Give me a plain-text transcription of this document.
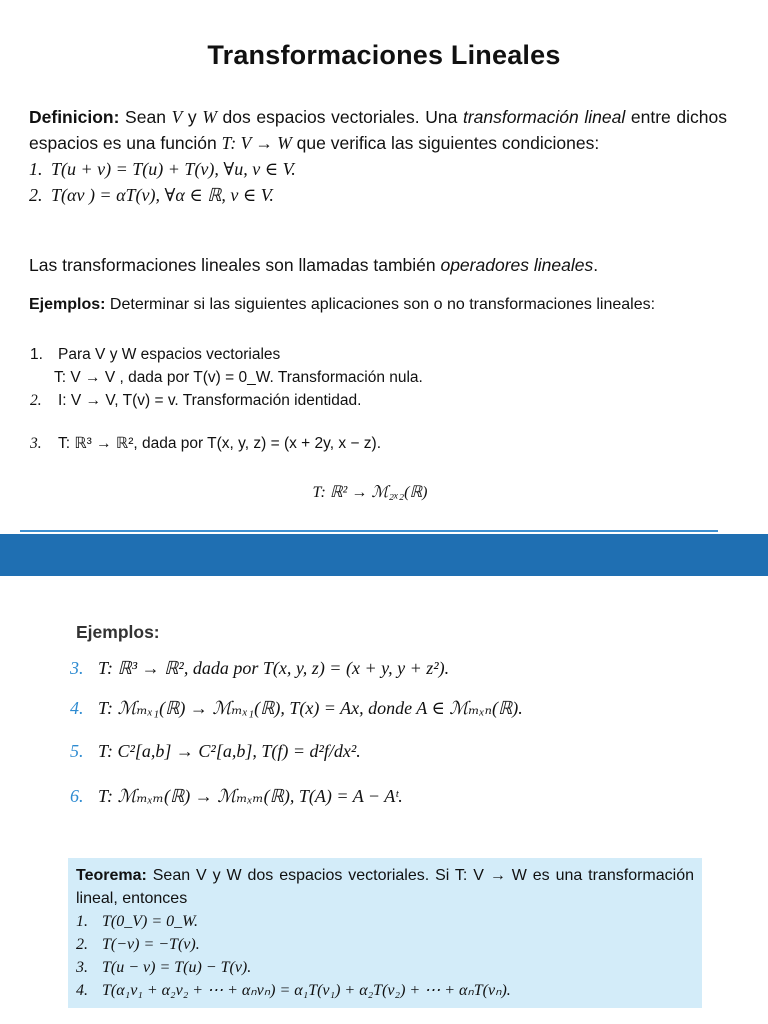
Transformaciones Lineales
Definicion: Sean V y W dos espacios vectoriales. Una transformación lineal entre dichos espacios es una función T: V → W que verifica las siguientes condiciones:
1. T(u + v) = T(u) + T(v), ∀u, v ∈ V.
2. T(αv ) = αT(v), ∀α ∈ ℝ, v ∈ V.
Las transformaciones lineales son llamadas también operadores lineales.
Ejemplos: Determinar si las siguientes aplicaciones son o no transformaciones lineales:
1. Para V y W espacios vectoriales
T: V → V , dada por T(v) = 0_W. Transformación nula.
2. I: V → V, T(v) = v. Transformación identidad.
3. T: ℝ³ → ℝ², dada por T(x, y, z) = (x + 2y, x − z).
T: ℝ² → ℳ₂ₓ₂(ℝ)
Ejemplos:
3. T: ℝ³ → ℝ², dada por T(x, y, z) = (x + y, y + z²).
4. T: ℳₘₓ₁(ℝ) → ℳₘₓ₁(ℝ), T(x) = Ax, donde A ∈ ℳₘₓₙ(ℝ).
5. T: C²[a,b] → C²[a,b], T(f) = d²f/dx².
6. T: ℳₘₓₘ(ℝ) → ℳₘₓₘ(ℝ), T(A) = A − Aᵗ.
Teorema: Sean V y W dos espacios vectoriales. Si T: V → W es una transformación lineal, entonces
1. T(0_V) = 0_W.
2. T(−v) = −T(v).
3. T(u − v) = T(u) − T(v).
4. T(α₁v₁ + α₂v₂ + ⋯ + αₙvₙ) = α₁T(v₁) + α₂T(v₂) + ⋯ + αₙT(vₙ).
